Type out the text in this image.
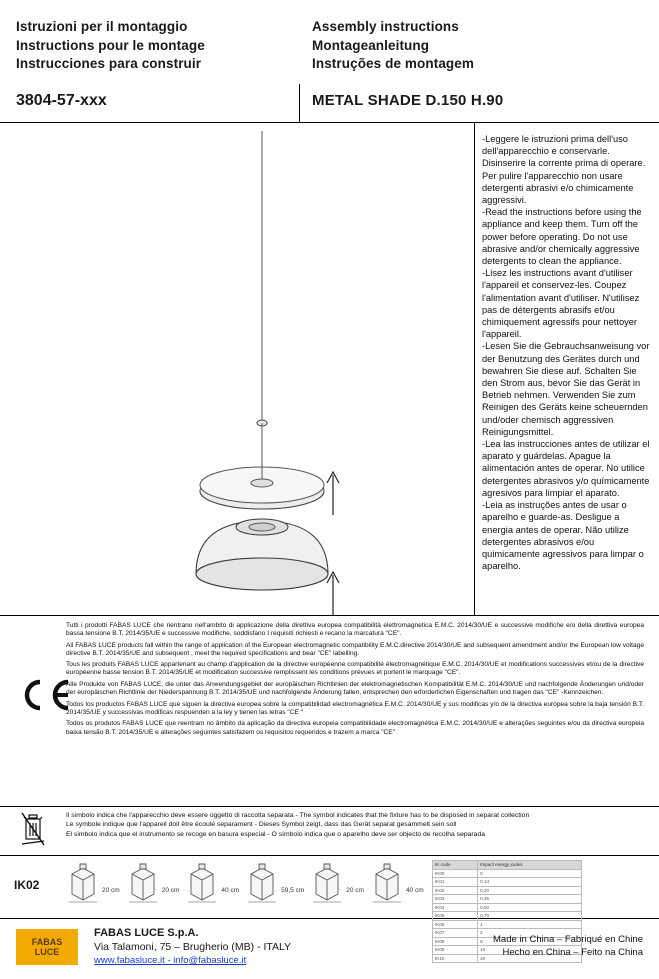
Istruzioni per il montaggio
Instructions pour le montage
Instrucciones para construir
Assembly instructions
Montageanleitung
Instruções de montagem
3804-57-xxx	METAL SHADE D.150 H.90

-Leggere le istruzioni prima dell'uso dell'apparecchio e conservarle. Disinserire la corrente prima di operare. Per pulire l'apparecchio non usare detergenti abrasivi e/o chimicamente aggressivi.

-Read the instructions before using the appliance and keep them. Turn off the power before operating. Do not use abrasive and/or chemically aggressive detergents to clean the appliance.

-Lisez les instructions avant d'utiliser l'appareil et conservez-les. Coupez l'alimentation avant d'utiliser. N'utilisez pas de détergents abrasifs et/ou chimiquement agressifs pour nettoyer l'appareil.

-Lesen Sie die Gebrauchsanweisung vor der Benutzung des Gerätes durch und bewahren Sie diese auf. Schalten Sie den Strom aus, bevor Sie das Gerät in Betrieb nehmen. Verwenden Sie zum Reinigen des Geräts keine scheuernden und/oder chemisch aggressiven Reinigungsmittel.

-Lea las instrucciones antes de utilizar el aparato y guárdelas. Apague la alimentación antes de operar. No utilice detergentes abrasivos y/o químicamente agresivos para limpiar el aparato.

-Leia as instruções antes de usar o aparelho e guarde-as. Desligue a energia antes de operar. Não utilize detergentes abrasivos e/ou quimicamente agressivos para limpar o aparelho.

Tutti i prodotti FABAS LUCE che rientrano nell'ambito di applicazione della direttiva europea compatibilità elettromagnetica E.M.C. 2014/30/UE e successive modifiche e/o della direttiva europea bassa tensione B.T. 2014/35/UE e successive modifiche, soddisfano I requisiti richiesti e recano la marcatura "CE".

All FABAS LUCE products fall within the range of application of the European electromagnetic compatibility E.M.C.directive 2014/30/UE and subsequent amendment and/or the European low voltage directive B.T. 2014/35/UE and subsequent , meet the required specifications and bear "CE" labelling.

Tous les produits FABAS LUCE appartenant au champ d'application de la directive européenne compatibilité électromagnétique E.M.C. 2014/30/UE et modifications successives et/ou de la directive européenne basse tension B.T. 2014/35/UE et modification successive remplissent les conditions prévues et portent le marquage "CE".

Alle Produkte von FABAS LUCE, die unter das Anwendungsgebiet der europäischen Richtlinien der elektromagnetischen Kompatibilität E.M.C. 2014/30/UE und nachfolgende Änderungen und/oder der europäischen Richtlinie der Niederspannung B.T. 2014/35/UE und nachfolgende Änderung fallen, entsprechen den erforderlichen Eigenschaften und tragen das "CE" -Kennzeichen.

Todos los productos FABAS LUCE que siguen la directiva europea sobre la compatibilidad electromagnética E.M.C. 2014/30/UE y sus modificas y/o de la directiva europea sobre la baja tensión B.T. 2014/35/UE y successivas modificas respuenden a la ley y tienen las letras "CE "

Todos os produtos FABAS LUCE que reentram no âmbito da aplicação da directiva europeia compatibilidade electromagnética E.M.C. 2014/30/UE e alterações seguintes e/ou da directiva europeia baixa tensão B.T. 2014/35/UE e alterações seguintes satisfazem os requisitos requeridos e trazem a marca "CE"

Il simbolo indica che l'apparecchio deve essere oggetto di raccolta separata - The symbol indicates that the fixture has to be disposed in separat collection
Le symbole indique que l'appareil doit être écoulé separament - Dieses Symbol zeigt, dass das Gerät separat gesammelt sein soll
El simbolo indica que el instrumento se recoge en basura especial - O símbolo indica que o aparelho deve ser objecto de recolha separada
IK02	20 cm	20 cm	40 cm	59,5 cm	20 cm	40 cm
IK code	Impact energy joules
IK00	0
IK01	0,14
IK02	0,20
IK03	0,35
IK04	0,50
IK05	0,70
IK06	1
IK07	2
IK08	5
IK09	10
IK10	20
FABAS
LUCE
FABAS LUCE S.p.A.
Via Talamoni, 75 – Brugherio (MB) - ITALY
www.fabasluce.it - info@fabasluce.it
Made in China – Fabriqué en Chine
Hecho en China – Feito na China
